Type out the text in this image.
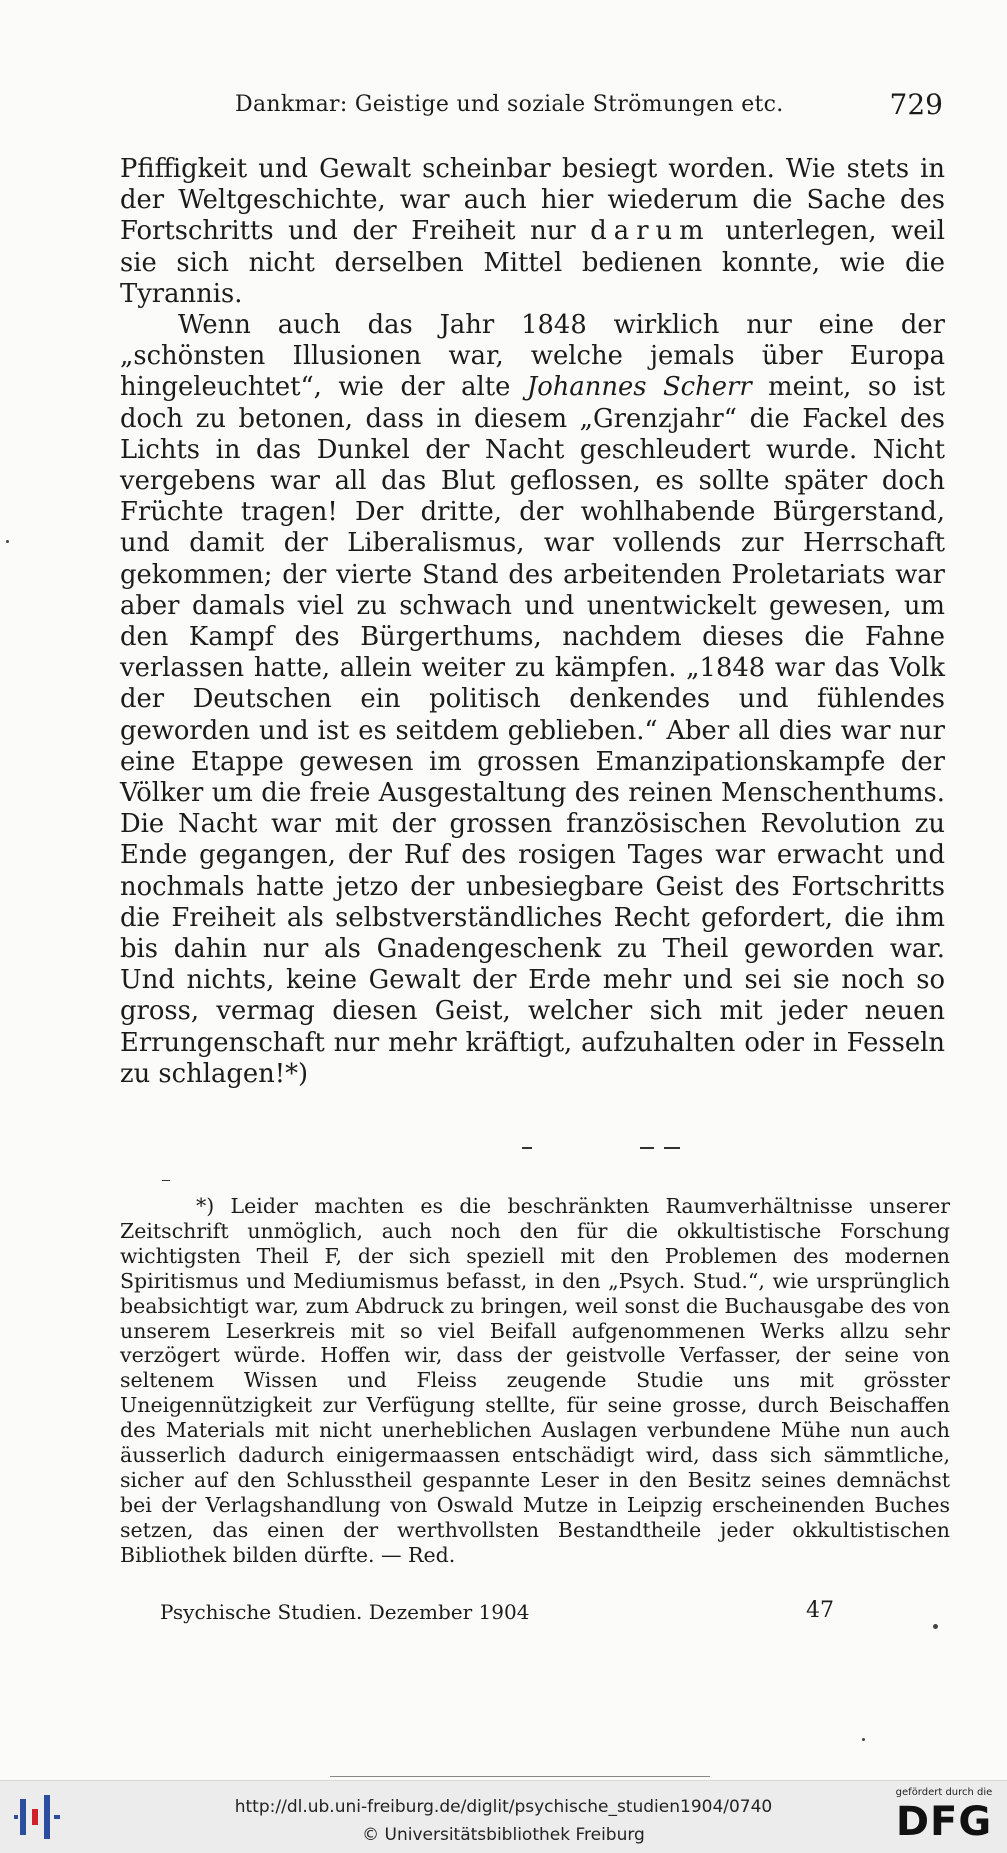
Dankmar: Geistige und soziale Strömungen etc.	729

Pfiffigkeit und Gewalt scheinbar besiegt worden. Wie stets in der Weltgeschichte, war auch hier wiederum die Sache des Fortschritts und der Freiheit nur darum unterlegen, weil sie sich nicht derselben Mittel bedienen konnte, wie die Tyrannis.

Wenn auch das Jahr 1848 wirklich nur eine der „schönsten Illusionen war, welche jemals über Europa hingeleuchtet“, wie der alte Johannes Scherr meint, so ist doch zu betonen, dass in diesem „Grenzjahr“ die Fackel des Lichts in das Dunkel der Nacht geschleudert wurde. Nicht vergebens war all das Blut geflossen, es sollte später doch Früchte tragen! Der dritte, der wohlhabende Bürgerstand, und damit der Liberalismus, war vollends zur Herrschaft gekommen; der vierte Stand des arbeitenden Proletariats war aber damals viel zu schwach und unentwickelt gewesen, um den Kampf des Bürgerthums, nachdem dieses die Fahne verlassen hatte, allein weiter zu kämpfen. „1848 war das Volk der Deutschen ein politisch denkendes und fühlendes geworden und ist es seitdem geblieben.“ Aber all dies war nur eine Etappe gewesen im grossen Emanzipationskampfe der Völker um die freie Ausgestaltung des reinen Menschenthums. Die Nacht war mit der grossen französischen Revolution zu Ende gegangen, der Ruf des rosigen Tages war erwacht und nochmals hatte jetzo der unbesiegbare Geist des Fortschritts die Freiheit als selbstverständliches Recht gefordert, die ihm bis dahin nur als Gnadengeschenk zu Theil geworden war. Und nichts, keine Gewalt der Erde mehr und sei sie noch so gross, vermag diesen Geist, welcher sich mit jeder neuen Errungenschaft nur mehr kräftigt, aufzuhalten oder in Fesseln zu schlagen!*)

*) Leider machten es die beschränkten Raumverhältnisse unserer Zeitschrift unmöglich, auch noch den für die okkultistische Forschung wichtigsten Theil F, der sich speziell mit den Problemen des modernen Spiritismus und Mediumismus befasst, in den „Psych. Stud.“, wie ursprünglich beabsichtigt war, zum Abdruck zu bringen, weil sonst die Buchausgabe des von unserem Leserkreis mit so viel Beifall aufgenommenen Werks allzu sehr verzögert würde. Hoffen wir, dass der geistvolle Verfasser, der seine von seltenem Wissen und Fleiss zeugende Studie uns mit grösster Uneigennützigkeit zur Verfügung stellte, für seine grosse, durch Beischaffen des Materials mit nicht unerheblichen Auslagen verbundene Mühe nun auch äusserlich dadurch einigermaassen entschädigt wird, dass sich sämmtliche, sicher auf den Schlusstheil gespannte Leser in den Besitz seines demnächst bei der Verlagshandlung von Oswald Mutze in Leipzig erscheinenden Buches setzen, das einen der werthvollsten Bestandtheile jeder okkultistischen Bibliothek bilden dürfte. — Red.

Psychische Studien. Dezember 1904	47
http://dl.ub.uni-freiburg.de/diglit/psychische_studien1904/0740
© Universitätsbibliothek Freiburg
gefördert durch die
DFG
